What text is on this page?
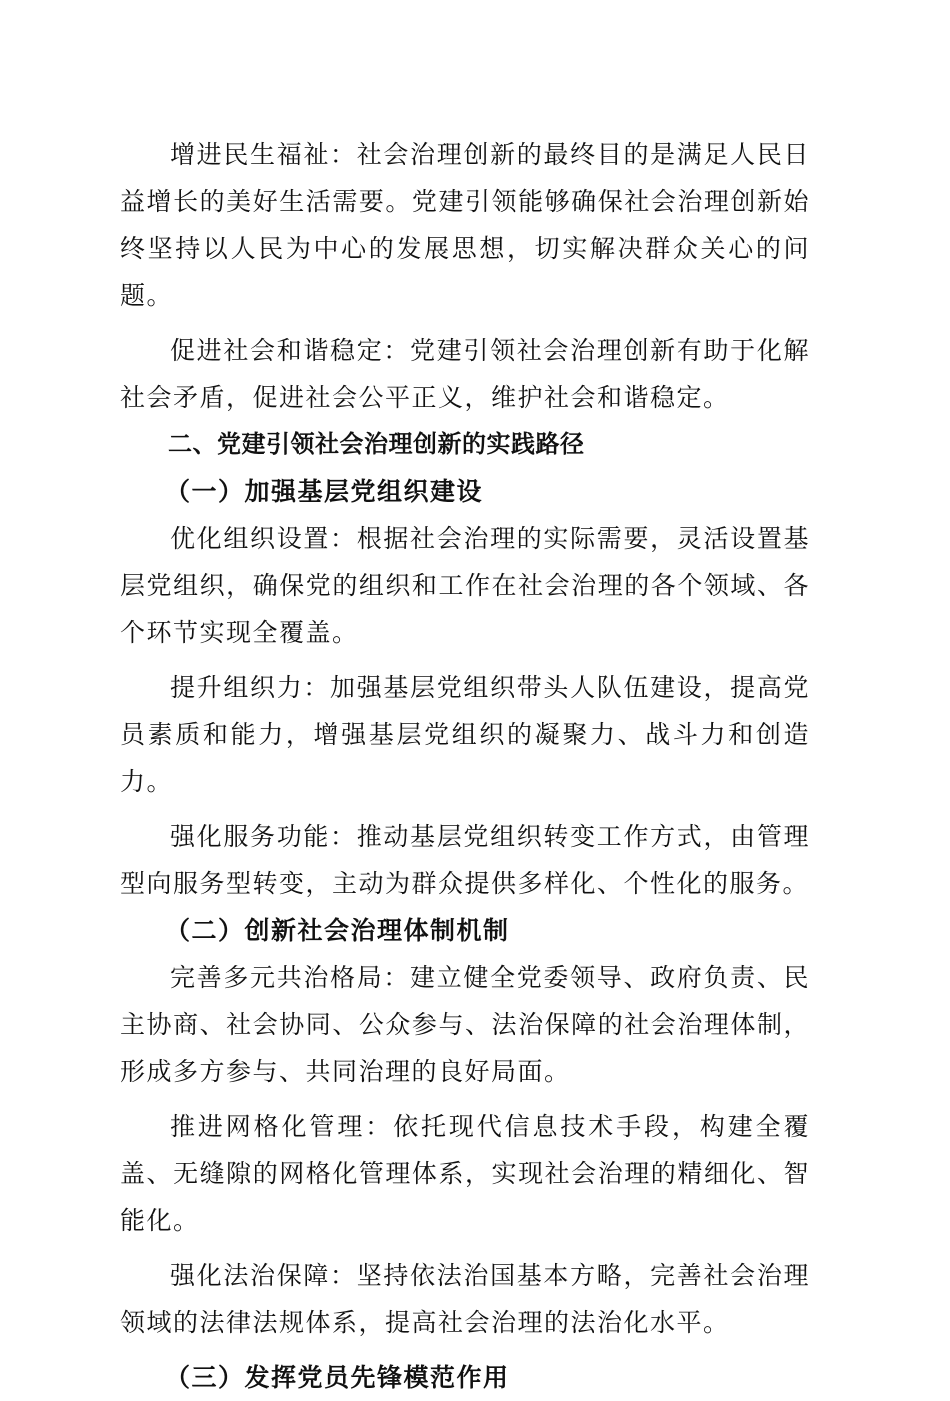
增进民生福祉：社会治理创新的最终目的是满足人民日益增长的美好生活需要。党建引领能够确保社会治理创新始终坚持以人民为中心的发展思想，切实解决群众关心的问题。

促进社会和谐稳定：党建引领社会治理创新有助于化解社会矛盾，促进社会公平正义，维护社会和谐稳定。

二、党建引领社会治理创新的实践路径
（一）加强基层党组织建设

优化组织设置：根据社会治理的实际需要，灵活设置基层党组织，确保党的组织和工作在社会治理的各个领域、各个环节实现全覆盖。

提升组织力：加强基层党组织带头人队伍建设，提高党员素质和能力，增强基层党组织的凝聚力、战斗力和创造力。

强化服务功能：推动基层党组织转变工作方式，由管理型向服务型转变，主动为群众提供多样化、个性化的服务。

（二）创新社会治理体制机制

完善多元共治格局：建立健全党委领导、政府负责、民主协商、社会协同、公众参与、法治保障的社会治理体制，形成多方参与、共同治理的良好局面。

推进网格化管理：依托现代信息技术手段，构建全覆盖、无缝隙的网格化管理体系，实现社会治理的精细化、智能化。

强化法治保障：坚持依法治国基本方略，完善社会治理领域的法律法规体系，提高社会治理的法治化水平。

（三）发挥党员先锋模范作用
